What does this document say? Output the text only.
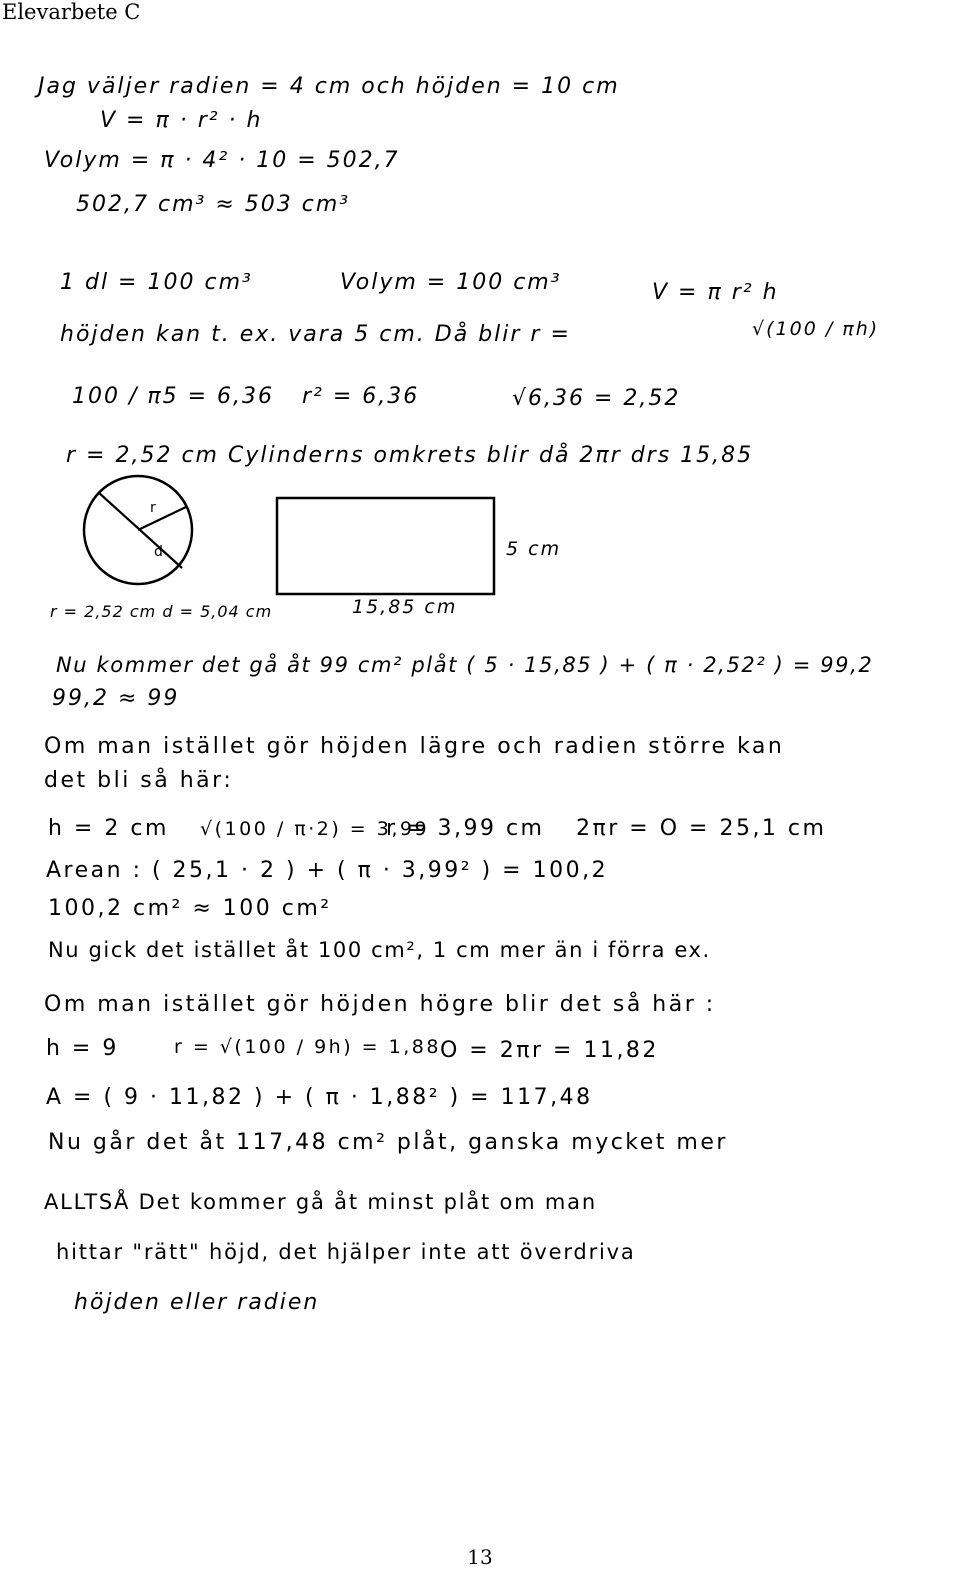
Elevarbete C
Jag väljer radien = 4 cm och höjden = 10 cm
V = π · r² · h
Volym = π · 4² · 10 = 502,7
502,7 cm³ ≈ 503 cm³
1 dl = 100 cm³	Volym = 100 cm³	V = π r² h
höjden kan t. ex. vara 5 cm. Då blir r =	√(100 / πh)
100 / π5 = 6,36 r² = 6,36	√6,36 = 2,52
r = 2,52 cm Cylinderns omkrets blir då 2πr drs 15,85
r
d	5 cm
r = 2,52 cm d = 5,04 cm	15,85 cm
Nu kommer det gå åt 99 cm² plåt ( 5 · 15,85 ) + ( π · 2,52² ) = 99,2
99,2 ≈ 99
Om man istället gör höjden lägre och radien större kan
det bli så här:
h = 2 cm √(100 / π·2) = 3,99
r = 3,99 cm 2πr = O = 25,1 cm
Arean : ( 25,1 · 2 ) + ( π · 3,99² ) = 100,2
100,2 cm² ≈ 100 cm²
Nu gick det istället åt 100 cm², 1 cm mer än i förra ex.
Om man istället gör höjden högre blir det så här :
h = 9	r = √(100 / 9h) = 1,88 O = 2πr = 11,82
A = ( 9 · 11,82 ) + ( π · 1,88² ) = 117,48
Nu går det åt 117,48 cm² plåt, ganska mycket mer
ALLTSÅ Det kommer gå åt minst plåt om man
hittar "rätt" höjd, det hjälper inte att överdriva
höjden eller radien
13
